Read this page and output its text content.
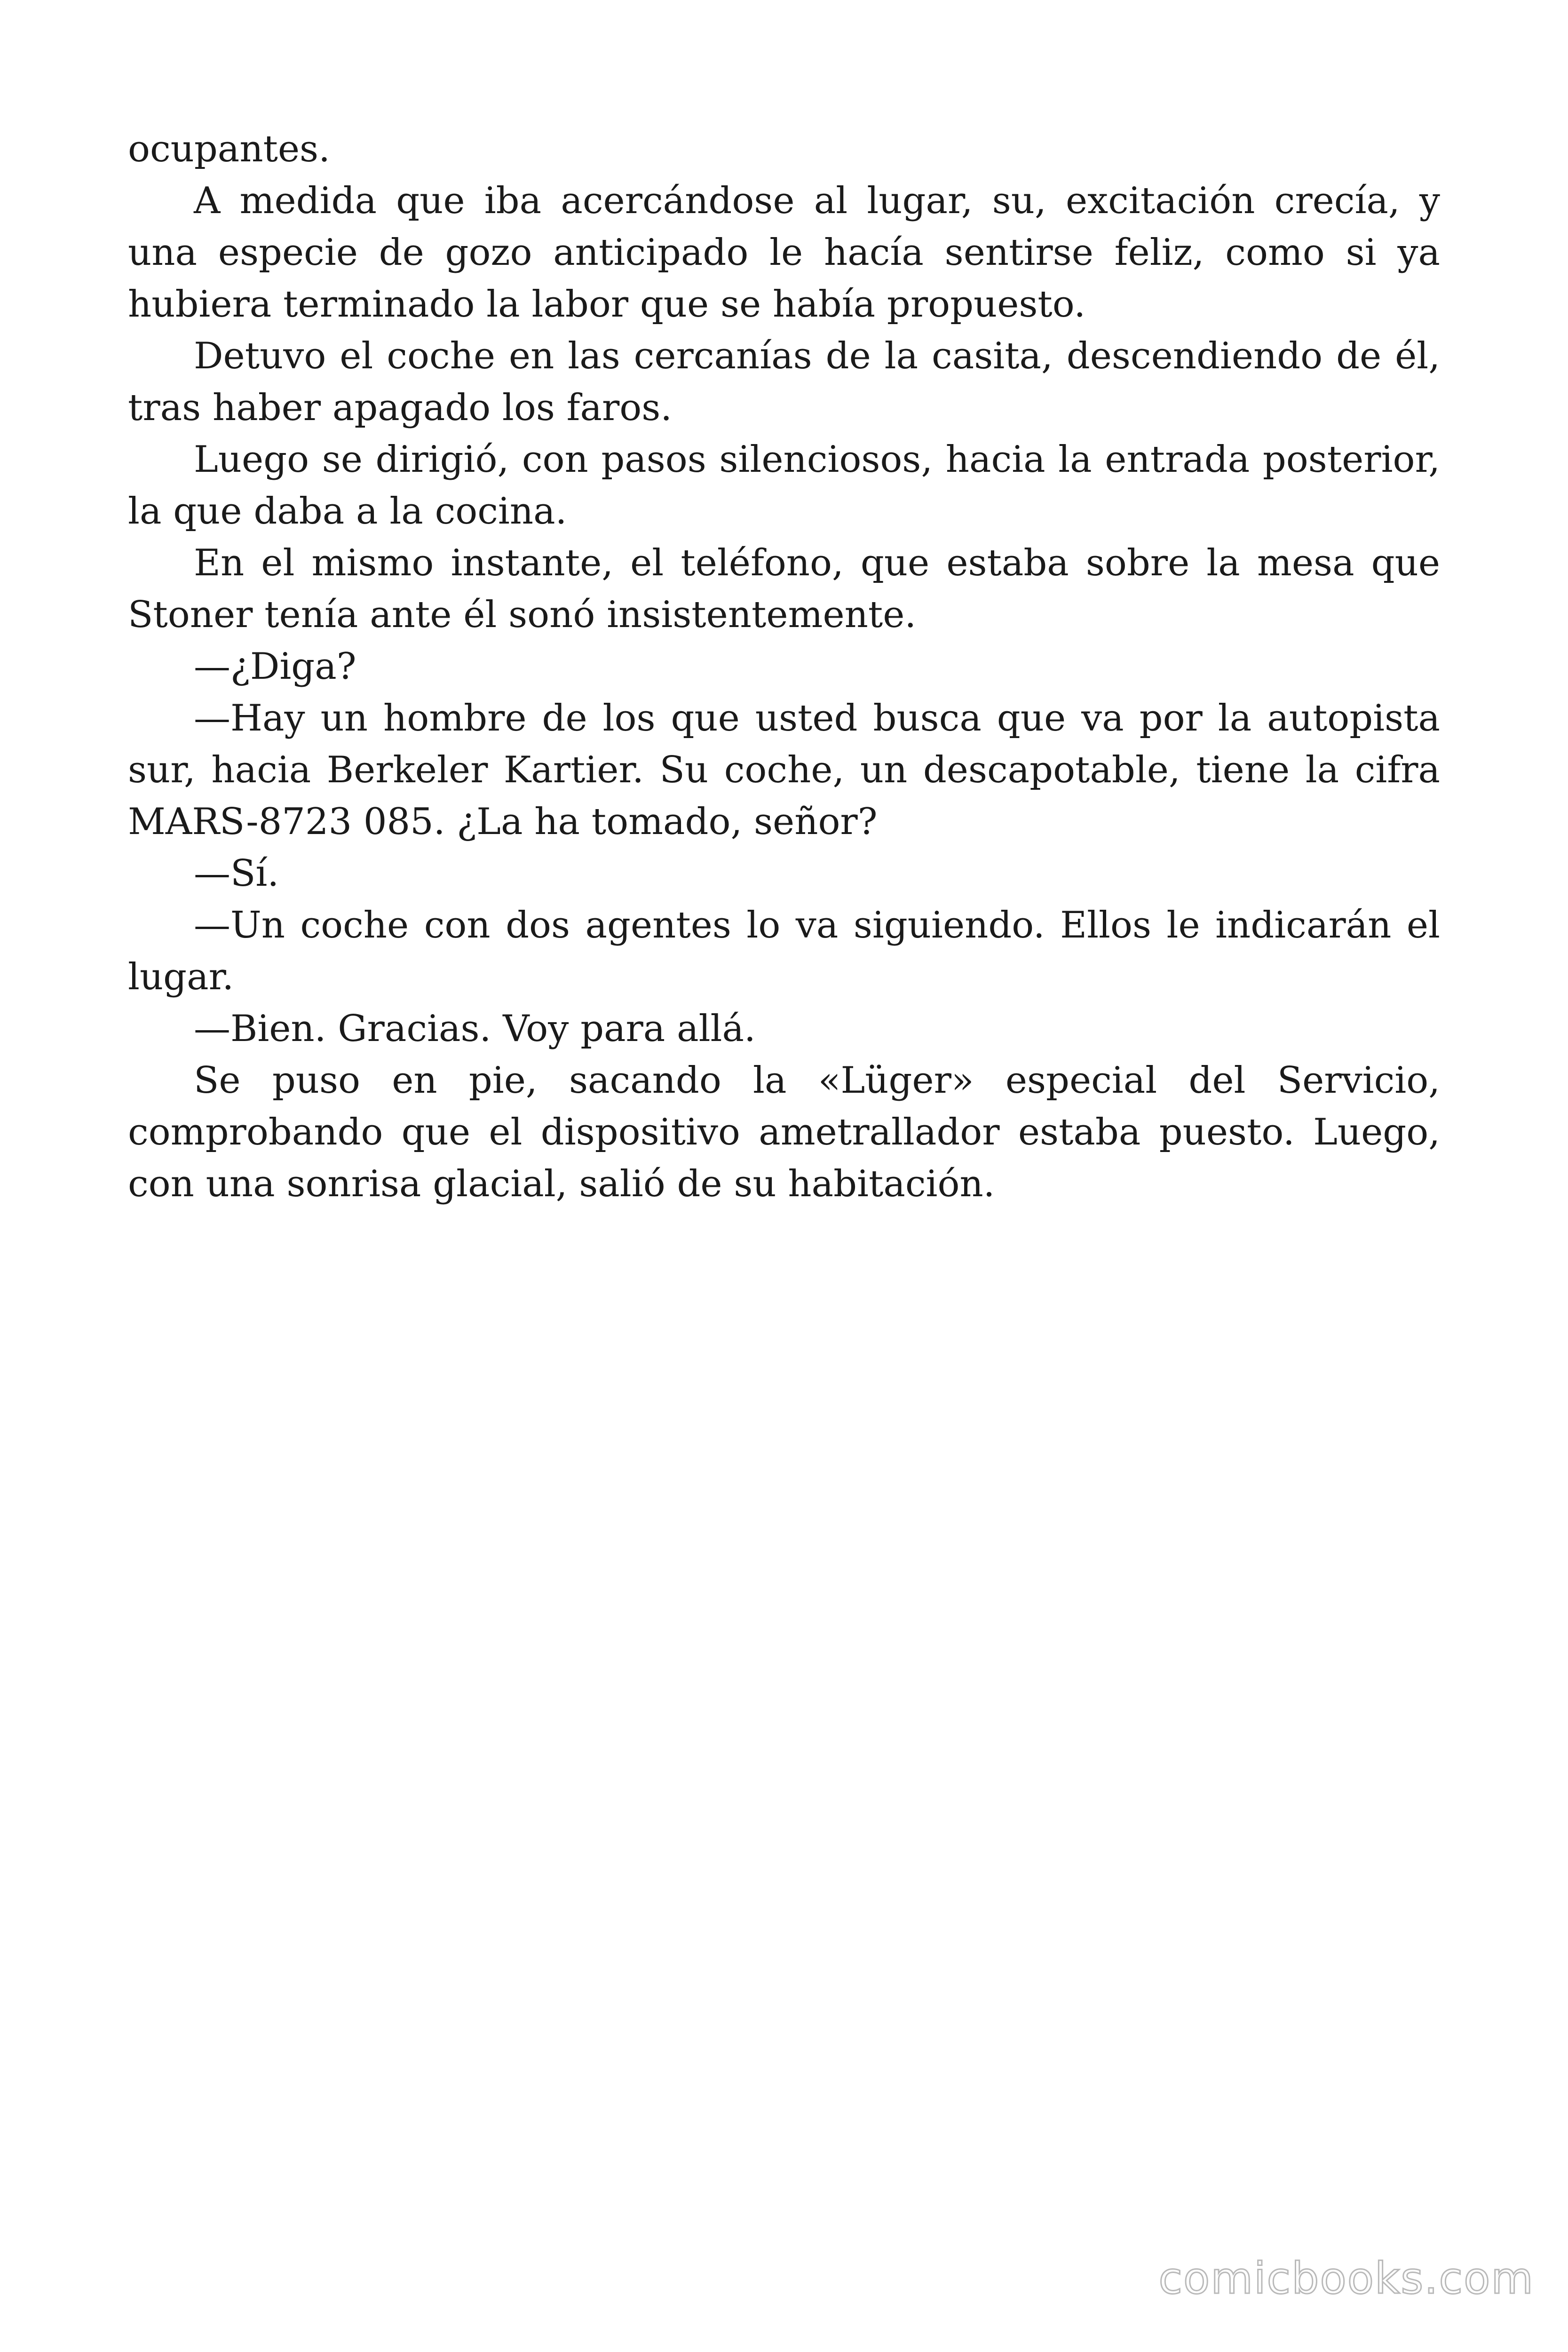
ocupantes.

A medida que iba acercándose al lugar, su, excitación crecía, y una especie de gozo anticipado le hacía sentirse feliz, como si ya hubiera terminado la labor que se había propuesto.

Detuvo el coche en las cercanías de la casita, descendiendo de él, tras haber apagado los faros.

Luego se dirigió, con pasos silenciosos, hacia la entrada posterior, la que daba a la cocina.

En el mismo instante, el teléfono, que estaba sobre la mesa que Stoner tenía ante él sonó insistentemente.

—¿Diga?

—Hay un hombre de los que usted busca que va por la autopista sur, hacia Berkeler Kartier. Su coche, un descapotable, tiene la cifra MARS-8723 085. ¿La ha tomado, señor?

—Sí.

—Un coche con dos agentes lo va siguiendo. Ellos le indicarán el lugar.

—Bien. Gracias. Voy para allá.

Se puso en pie, sacando la «Lüger» especial del Servicio, comprobando que el dispositivo ametrallador estaba puesto. Luego, con una sonrisa glacial, salió de su habitación.

comicbooks.com
